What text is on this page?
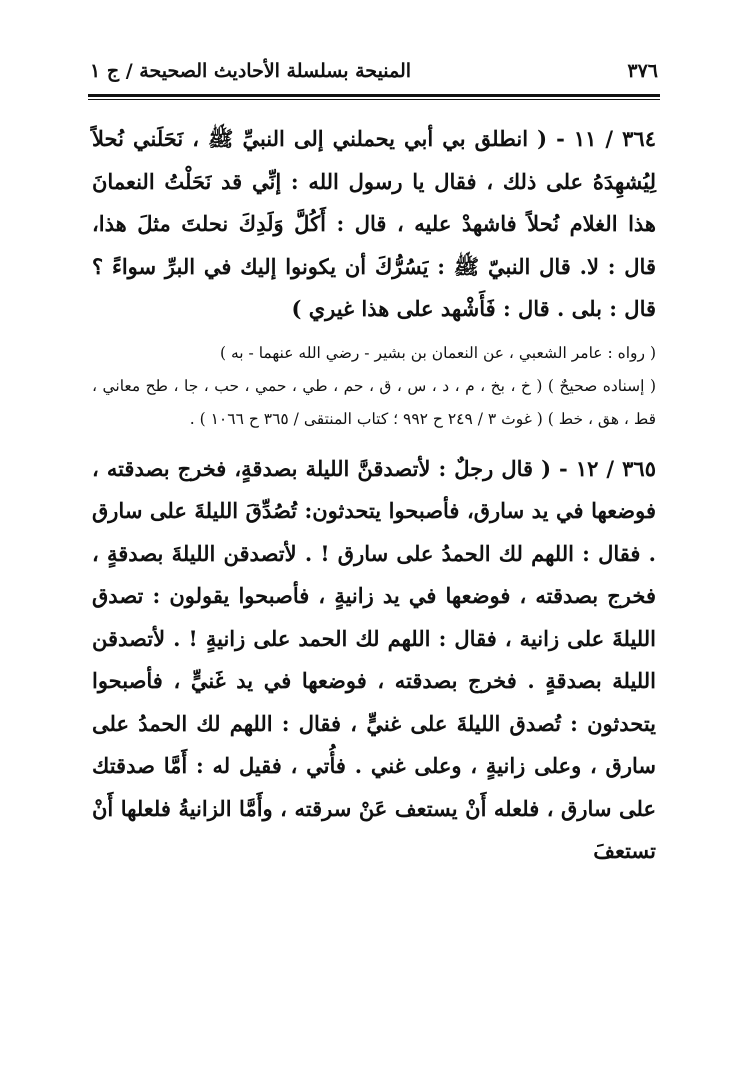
٣٧٦
المنيحة بسلسلة الأحاديث الصحيحة / ج ١

٣٦٤ / ١١ - ( انطلق بي أبي يحملني إلى النبيِّ ﷺ ، نَحَلَني نُحلاً لِيُشهِدَهُ على ذلك ، فقال يا رسول الله : إنِّي قد نَحَلْتُ النعمانَ هذا الغلام نُحلاً فاشهدْ عليه ، قال : أَكُلَّ وَلَدِكَ نحلتَ مثلَ هذا، قال : لا. قال النبيّ ﷺ : يَسُرُّكَ أن يكونوا إليك في البرِّ سواءً ؟ قال : بلى . قال : فَأَشْهد على هذا غيري )

( رواه : عامر الشعبي ، عن النعمان بن بشير - رضي الله عنهما - به )

( إسناده صحيحٌ ) ( خ ، بخ ، م ، د ، س ، ق ، حم ، طي ، حمي ، حب ، جا ، طح معاني ، قط ، هق ، خط ) ( غوث ٣ / ٢٤٩ ح ٩٩٢ ؛ كتاب المنتقى / ٣٦٥ ح ١٠٦٦ ) .

٣٦٥ / ١٢ - ( قال رجلٌ : لأتصدقنَّ الليلة بصدقةٍ، فخرج بصدقته ، فوضعها في يد سارق، فأصبحوا يتحدثون: تُصُدِّقَ الليلةَ على سارق . فقال : اللهم لك الحمدُ على سارق ! . لأتصدقن الليلةَ بصدقةٍ ، فخرج بصدقته ، فوضعها في يد زانيةٍ ، فأصبحوا يقولون : تصدق الليلةَ على زانية ، فقال : اللهم لك الحمد على زانيةٍ ! . لأتصدقن الليلة بصدقةٍ . فخرج بصدقته ، فوضعها في يد غَنيٍّ ، فأصبحوا يتحدثون : تُصدق الليلةَ على غنيٍّ ، فقال : اللهم لك الحمدُ على سارق ، وعلى زانيةٍ ، وعلى غني . فأُتي ، فقيل له : أَمَّا صدقتك على سارق ، فلعله أَنْ يستعف عَنْ سرقته ، وأَمَّا الزانيةُ فلعلها أَنْ تستعفَ
